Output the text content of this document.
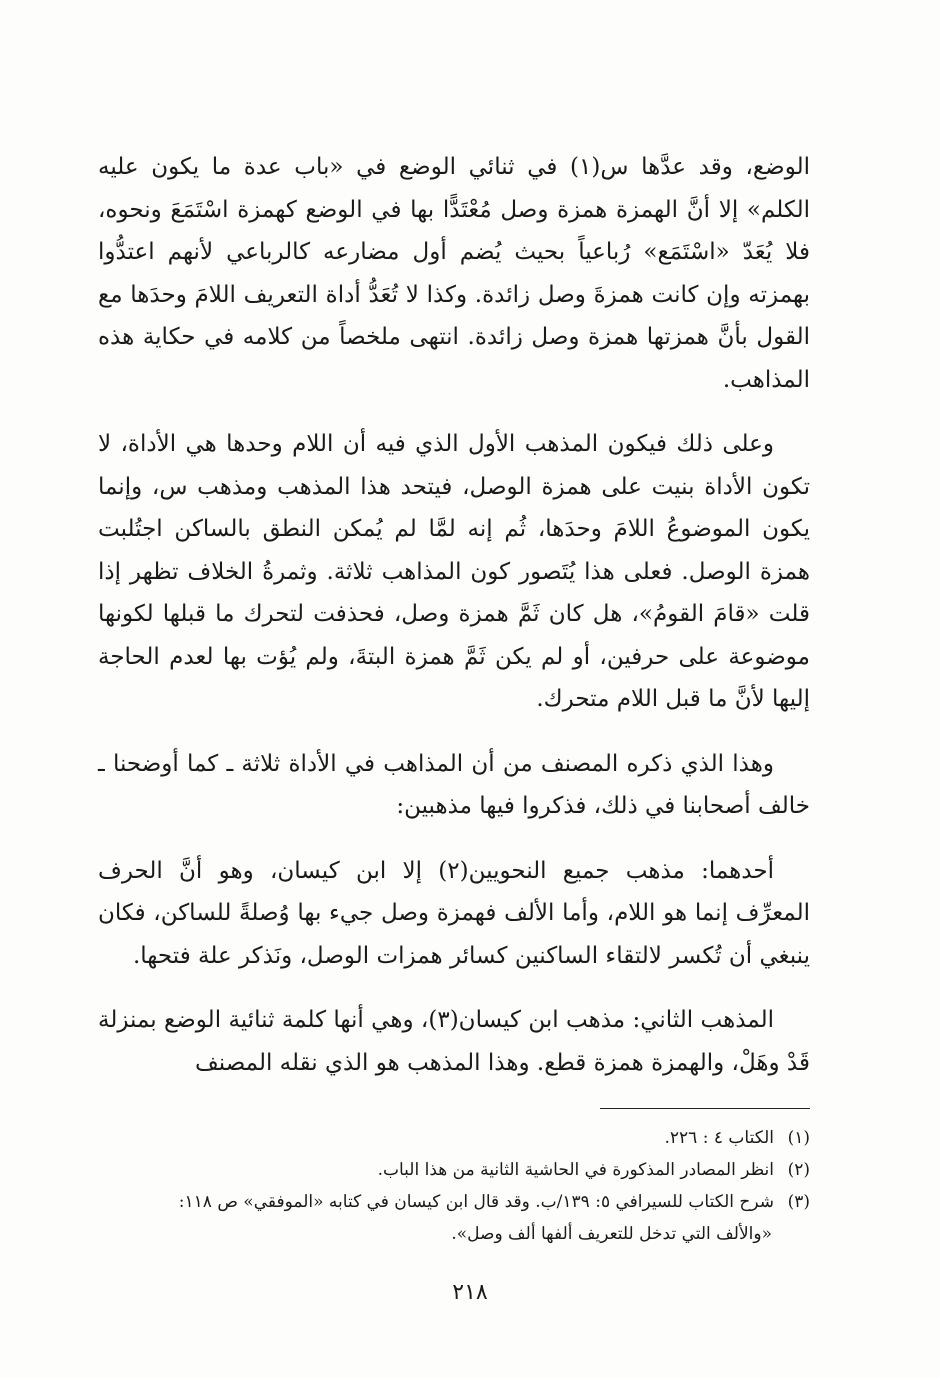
الوضع، وقد عدَّها س(١) في ثنائي الوضع في «باب عدة ما يكون عليه الكلم» إلا أنَّ الهمزة همزة وصل مُعْتَدًّا بها في الوضع كهمزة اسْتَمَعَ ونحوه، فلا يُعَدّ «اسْتَمَع» رُباعياً بحيث يُضم أول مضارعه كالرباعي لأنهم اعتدُّوا بهمزته وإن كانت همزةَ وصل زائدة. وكذا لا تُعَدُّ أداة التعريف اللامَ وحدَها مع القول بأنَّ همزتها همزة وصل زائدة. انتهى ملخصاً من كلامه في حكاية هذه المذاهب.

وعلى ذلك فيكون المذهب الأول الذي فيه أن اللام وحدها هي الأداة، لا تكون الأداة بنيت على همزة الوصل، فيتحد هذا المذهب ومذهب س، وإنما يكون الموضوعُ اللامَ وحدَها، ثُم إنه لمَّا لم يُمكن النطق بالساكن اجتُلبت همزة الوصل. فعلى هذا يُتَصور كون المذاهب ثلاثة. وثمرةُ الخلاف تظهر إذا قلت «قامَ القومُ»، هل كان ثَمَّ همزة وصل، فحذفت لتحرك ما قبلها لكونها موضوعة على حرفين، أو لم يكن ثَمَّ همزة البتةَ، ولم يُؤت بها لعدم الحاجة إليها لأنَّ ما قبل اللام متحرك.

وهذا الذي ذكره المصنف من أن المذاهب في الأداة ثلاثة ـ كما أوضحنا ـ خالف أصحابنا في ذلك، فذكروا فيها مذهبين:

أحدهما: مذهب جميع النحويين(٢) إلا ابن كيسان، وهو أنَّ الحرف المعرِّف إنما هو اللام، وأما الألف فهمزة وصل جيء بها وُصلةً للساكن، فكان ينبغي أن تُكسر لالتقاء الساكنين كسائر همزات الوصل، ونَذكر علة فتحها.

المذهب الثاني: مذهب ابن كيسان(٣)، وهي أنها كلمة ثنائية الوضع بمنزلة قَدْ وهَلْ، والهمزة همزة قطع. وهذا المذهب هو الذي نقله المصنف

(١)الكتاب ٤ : ٢٢٦.

(٢)انظر المصادر المذكورة في الحاشية الثانية من هذا الباب.

(٣)شرح الكتاب للسيرافي ٥: ١٣٩/ب. وقد قال ابن كيسان في كتابه «الموفقي» ص ١١٨:

«والألف التي تدخل للتعريف ألفها ألف وصل».

٢١٨
